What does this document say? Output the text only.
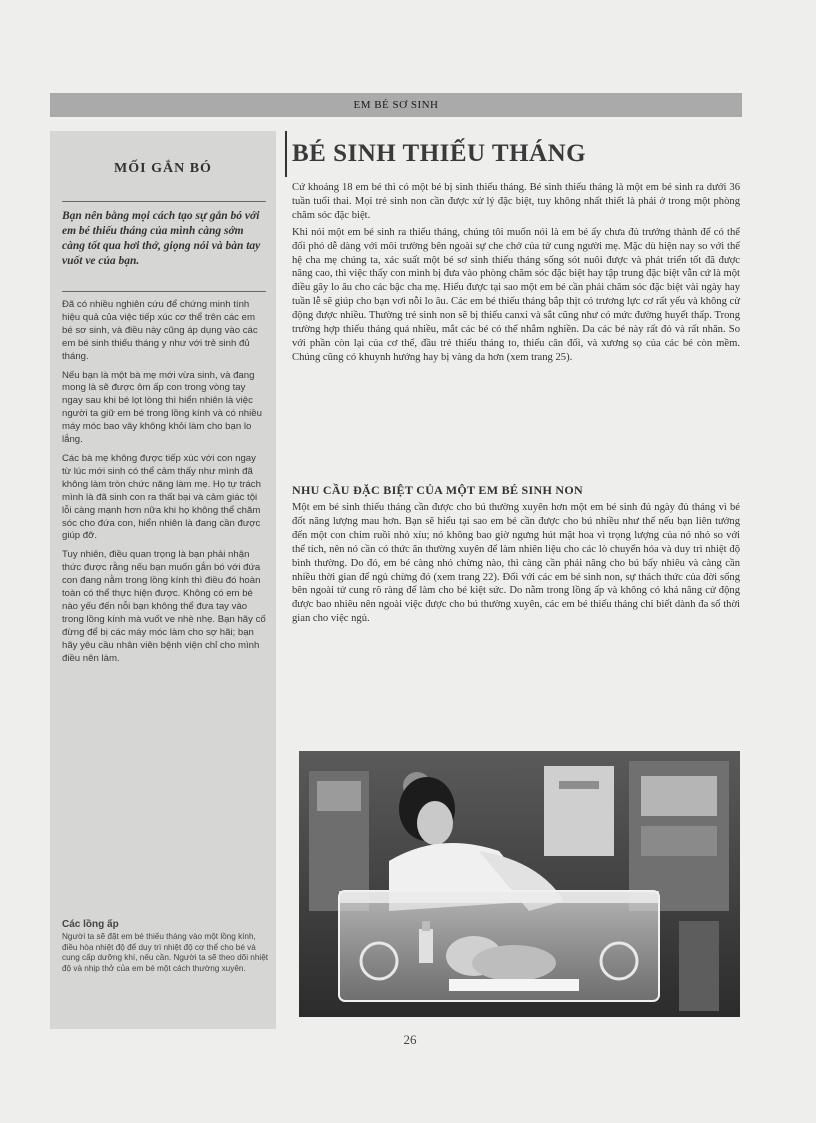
EM BÉ SƠ SINH
MỐI GẮN BÓ
Bạn nên bằng mọi cách tạo sự gắn bó với em bé thiếu tháng của mình càng sớm càng tốt qua hơi thở, giọng nói và bàn tay vuốt ve của bạn.

Đã có nhiều nghiên cứu để chứng minh tính hiệu quả của việc tiếp xúc cơ thể trên các em bé sơ sinh, và điều này cũng áp dụng vào các em bé sinh thiếu tháng y như với trẻ sinh đủ tháng.

Nếu bạn là một bà mẹ mới vừa sinh, và đang mong là sẽ được ôm ấp con trong vòng tay ngay sau khi bé lọt lòng thì hiển nhiên là việc người ta giữ em bé trong lồng kính và có nhiều máy móc bao vây không khỏi làm cho bạn lo lắng.

Các bà mẹ không được tiếp xúc với con ngay từ lúc mới sinh có thể cảm thấy như mình đã không làm tròn chức năng làm mẹ. Họ tự trách mình là đã sinh con ra thất bại và cảm giác tội lỗi càng mạnh hơn nữa khi họ không thể chăm sóc cho đứa con, hiển nhiên là đang cần được giúp đỡ.

Tuy nhiên, điều quan trọng là bạn phải nhận thức được rằng nếu bạn muốn gắn bó với đứa con đang nằm trong lồng kính thì điều đó hoàn toàn có thể thực hiện được. Không có em bé nào yếu đến nỗi bạn không thể đưa tay vào trong lồng kính mà vuốt ve nhè nhẹ. Bạn hãy cố đừng để bị các máy móc làm cho sợ hãi; bạn hãy yêu cầu nhân viên bệnh viện chỉ cho mình điều nên làm.

Các lồng ấp
Người ta sẽ đặt em bé thiếu tháng vào một lồng kính, điều hòa nhiệt độ để duy trì nhiệt độ cơ thể cho bé và cung cấp dưỡng khí, nếu cần. Người ta sẽ theo dõi nhiệt độ và nhịp thở của em bé một cách thường xuyên.
BÉ SINH THIẾU THÁNG

Cứ khoảng 18 em bé thì có một bé bị sinh thiếu tháng. Bé sinh thiếu tháng là một em bé sinh ra dưới 36 tuần tuổi thai. Mọi trẻ sinh non cần được xử lý đặc biệt, tuy không nhất thiết là phải ở trong một phòng chăm sóc đặc biệt.

Khi nói một em bé sinh ra thiếu tháng, chúng tôi muốn nói là em bé ấy chưa đủ trưởng thành để có thể đối phó dễ dàng với môi trường bên ngoài sự che chở của tử cung người mẹ. Mặc dù hiện nay so với thế hệ cha mẹ chúng ta, xác suất một bé sơ sinh thiếu tháng sống sót nuôi được và phát triển tốt đã được nâng cao, thì việc thấy con mình bị đưa vào phòng chăm sóc đặc biệt hay tập trung đặc biệt vẫn cứ là một điều gây lo âu cho các bậc cha mẹ. Hiểu được tại sao một em bé cần phải chăm sóc đặc biệt vài ngày hay tuần lễ sẽ giúp cho bạn vơi nỗi lo âu. Các em bé thiếu tháng bắp thịt có trương lực cơ rất yếu và không cử động được nhiều. Thường trẻ sinh non sẽ bị thiếu canxi và sắt cũng như có mức đường huyết thấp. Trong trường hợp thiếu tháng quá nhiều, mắt các bé có thể nhắm nghiền. Da các bé này rất đỏ và rất nhăn. So với phần còn lại của cơ thể, đầu trẻ thiếu tháng to, thiếu cân đối, và xương sọ của các bé còn mềm. Chúng cũng có khuynh hướng hay bị vàng da hơn (xem trang 25).

NHU CẦU ĐẶC BIỆT CỦA MỘT EM BÉ SINH NON

Một em bé sinh thiếu tháng cần được cho bú thường xuyên hơn một em bé sinh đủ ngày đủ tháng vì bé đốt năng lượng mau hơn. Bạn sẽ hiểu tại sao em bé cần được cho bú nhiều như thế nếu bạn liên tưởng đến một con chim ruồi nhỏ xíu; nó không bao giờ ngưng hút mật hoa vì trọng lượng của nó nhỏ so với thể tích, nên nó cần có thức ăn thường xuyên để làm nhiên liệu cho các lò chuyển hóa và duy trì nhiệt độ bình thường. Do đó, em bé càng nhỏ chừng nào, thì càng cần phải nâng cho bú bấy nhiêu và càng cần nhiều thời gian để ngủ chừng đó (xem trang 22). Đối với các em bé sinh non, sự thách thức của đời sống bên ngoài tử cung rõ ràng để làm cho bé kiệt sức. Do nằm trong lồng ấp và không có khả năng cử động được bao nhiêu nên ngoài việc được cho bú thường xuyên, các em bé thiếu tháng chỉ biết dành đa số thời gian cho việc ngủ.

26
